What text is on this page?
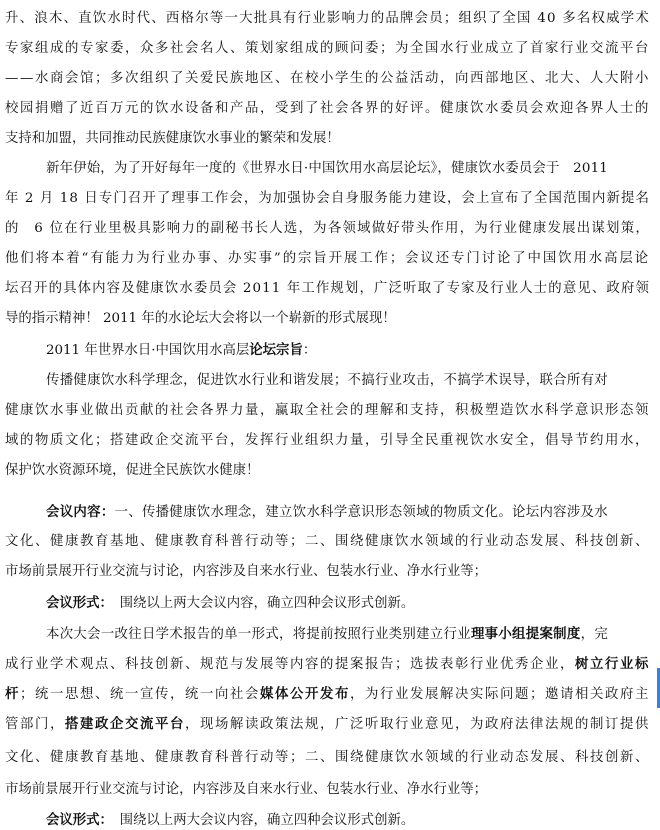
升、浪木、直饮水时代、西格尔等一大批具有行业影响力的品牌会员；组织了全国 40 多名权威学术
专家组成的专家委，众多社会名人、策划家组成的顾问委；为全国水行业成立了首家行业交流平台
——水商会馆；多次组织了关爱民族地区、在校小学生的公益活动，向西部地区、北大、人大附小
校园捐赠了近百万元的饮水设备和产品，受到了社会各界的好评。健康饮水委员会欢迎各界人士的
支持和加盟，共同推动民族健康饮水事业的繁荣和发展！
新年伊始，为了开好每年一度的《世界水日·中国饮用水高层论坛》，健康饮水委员会于　2011
年 2 月 18 日专门召开了理事工作会，为加强协会自身服务能力建设，会上宣布了全国范围内新提名
的　6 位在行业里极具影响力的副秘书长人选，为各领域做好带头作用，为行业健康发展出谋划策，
他们将本着“有能力为行业办事、办实事”的宗旨开展工作；会议还专门讨论了中国饮用水高层论
坛召开的具体内容及健康饮水委员会 2011 年工作规划，广泛听取了专家及行业人士的意见、政府领
导的指示精神！ 2011 年的水论坛大会将以一个崭新的形式展现！
2011 年世界水日·中国饮用水高层论坛宗旨：
传播健康饮水科学理念，促进饮水行业和谐发展；不搞行业攻击，不搞学术误导，联合所有对
健康饮水事业做出贡献的社会各界力量，赢取全社会的理解和支持，积极塑造饮水科学意识形态领
域的物质文化；搭建政企交流平台，发挥行业组织力量，引导全民重视饮水安全，倡导节约用水，
保护饮水资源环境，促进全民族饮水健康！
会议内容：一、传播健康饮水理念，建立饮水科学意识形态领域的物质文化。论坛内容涉及水
文化、健康教育基地、健康教育科普行动等；二、围绕健康饮水领域的行业动态发展、科技创新、
市场前景展开行业交流与讨论，内容涉及自来水行业、包装水行业、净水行业等；
会议形式：　围绕以上两大会议内容，确立四种会议形式创新。
本次大会一改往日学术报告的单一形式，将提前按照行业类别建立行业理事小组提案制度，完
成行业学术观点、科技创新、规范与发展等内容的提案报告；选拔表彰行业优秀企业，树立行业标
杆；统一思想、统一宣传，统一向社会媒体公开发布，为行业发展解决实际问题；邀请相关政府主
管部门，搭建政企交流平台，现场解读政策法规，广泛听取行业意见，为政府法律法规的制订提供
文化、健康教育基地、健康教育科普行动等；二、围绕健康饮水领域的行业动态发展、科技创新、
市场前景展开行业交流与讨论，内容涉及自来水行业、包装水行业、净水行业等；
会议形式：　围绕以上两大会议内容，确立四种会议形式创新。
